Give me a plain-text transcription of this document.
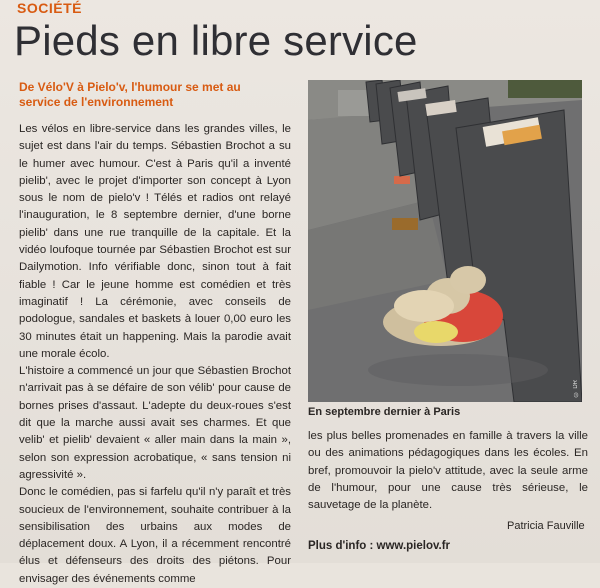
SOCIÉTÉ
Pieds en libre service
De Vélo'V à Pielo'v, l'humour se met au service de l'environnement

Les vélos en libre-service dans les grandes villes, le sujet est dans l'air du temps. Sébastien Brochot a su le humer avec humour. C'est à Paris qu'il a inventé pielib', avec le projet d'importer son concept à Lyon sous le nom de pielo'v ! Télés et radios ont relayé l'inauguration, le 8 septembre dernier, d'une borne pielib' dans une rue tranquille de la capitale. Et la vidéo loufoque tournée par Sébastien Brochot est sur Dailymotion. Info vérifiable donc, sinon tout à fait fiable ! Car le jeune homme est comédien et très imaginatif ! La cérémonie, avec conseils de podologue, sandales et baskets à louer 0,00 euro les 30 minutes était un happening. Mais la parodie avait une morale écolo.

L'histoire a commencé un jour que Sébastien Brochot n'arrivait pas à se défaire de son vélib' pour cause de bornes prises d'assaut. L'adepte du deux-roues s'est dit que la marche aussi avait ses charmes. Et que velib' et pielib' devaient « aller main dans la main », selon son expression acrobatique, « sans tension ni agressivité ».

Donc le comédien, pas si farfelu qu'il n'y paraît et très soucieux de l'environnement, souhaite contribuer à la sensibilisation des urbains aux modes de déplacement doux. A Lyon, il a récemment rencontré élus et défenseurs des droits des piétons. Pour envisager des événements comme

© DR
En septembre dernier à Paris
les plus belles promenades en famille à travers la ville ou des animations pédagogiques dans les écoles. En bref, promouvoir la pielo'v attitude, avec la seule arme de l'humour, pour une cause très sérieuse, le sauvetage de la planète.
Patricia Fauville
Plus d'info : www.pielov.fr
